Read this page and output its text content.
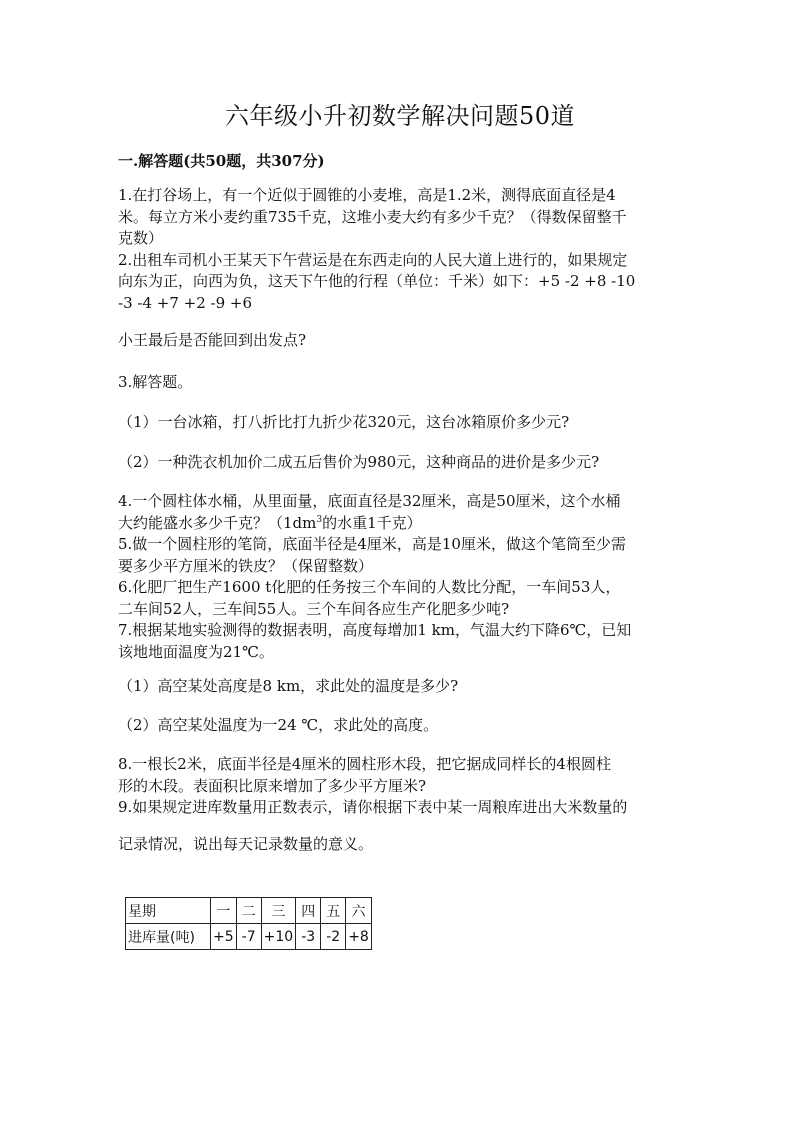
六年级小升初数学解决问题50道
一.解答题(共50题，共307分)

1.在打谷场上，有一个近似于圆锥的小麦堆，高是1.2米，测得底面直径是4

米。每立方米小麦约重735千克，这堆小麦大约有多少千克？（得数保留整千

克数）

2.出租车司机小王某天下午营运是在东西走向的人民大道上进行的，如果规定

向东为正，向西为负，这天下午他的行程（单位：千米）如下：+5 -2 +8 -10

-3 -4 +7 +2 -9 +6

小王最后是否能回到出发点?

3.解答题。

（1）一台冰箱，打八折比打九折少花320元，这台冰箱原价多少元?

（2）一种洗衣机加价二成五后售价为980元，这种商品的进价是多少元?

4.一个圆柱体水桶，从里面量，底面直径是32厘米，高是50厘米，这个水桶

大约能盛水多少千克？（$1dm^3$的水重1千克）

5.做一个圆柱形的笔筒，底面半径是4厘米，高是10厘米，做这个笔筒至少需

要多少平方厘米的铁皮？（保留整数）

6.化肥厂把生产1600 t化肥的任务按三个车间的人数比分配，一车间53人，

二车间52人，三车间55人。三个车间各应生产化肥多少吨?

7.根据某地实验测得的数据表明，高度每增加1 km，气温大约下降6℃，已知

该地地面温度为21℃。

（1）高空某处高度是8 km，求此处的温度是多少?

（2）高空某处温度为一24 ℃，求此处的高度。

8.一根长2米，底面半径是4厘米的圆柱形木段，把它据成同样长的4根圆柱

形的木段。表面积比原来增加了多少平方厘米?

9.如果规定进库数量用正数表示，请你根据下表中某一周粮库进出大米数量的

记录情况，说出每天记录数量的意义。

星期	一	二	三	四	五	六
进库量(吨)	+5	-7	+10	-3	-2	+8
